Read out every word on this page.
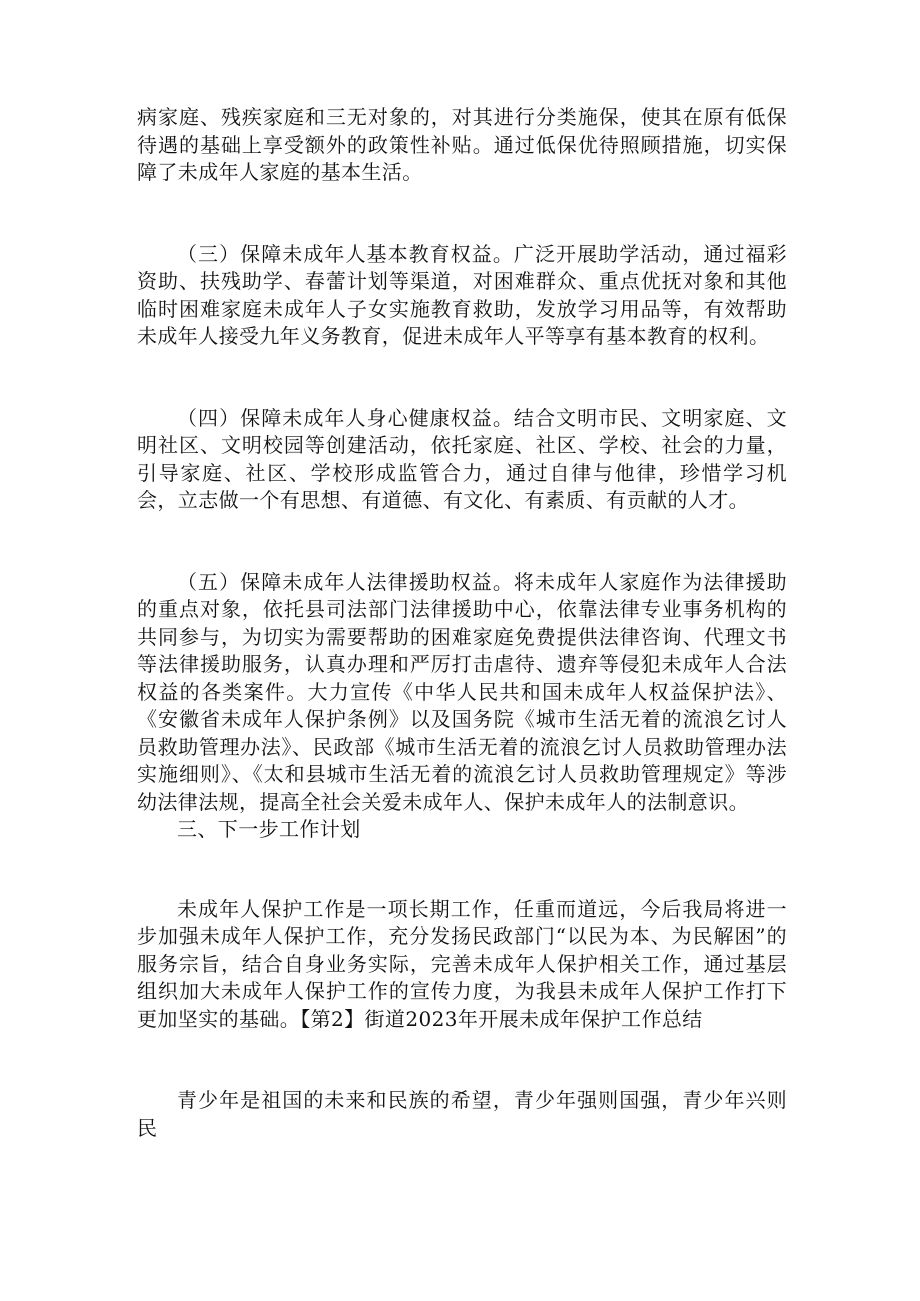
病家庭、残疾家庭和三无对象的，对其进行分类施保，使其在原有低保待遇的基础上享受额外的政策性补贴。通过低保优待照顾措施，切实保障了未成年人家庭的基本生活。

（三）保障未成年人基本教育权益。广泛开展助学活动，通过福彩资助、扶残助学、春蕾计划等渠道，对困难群众、重点优抚对象和其他临时困难家庭未成年人子女实施教育救助，发放学习用品等，有效帮助未成年人接受九年义务教育，促进未成年人平等享有基本教育的权利。

（四）保障未成年人身心健康权益。结合文明市民、文明家庭、文明社区、文明校园等创建活动，依托家庭、社区、学校、社会的力量，引导家庭、社区、学校形成监管合力，通过自律与他律，珍惜学习机会，立志做一个有思想、有道德、有文化、有素质、有贡献的人才。

（五）保障未成年人法律援助权益。将未成年人家庭作为法律援助的重点对象，依托县司法部门法律援助中心，依靠法律专业事务机构的共同参与，为切实为需要帮助的困难家庭免费提供法律咨询、代理文书等法律援助服务，认真办理和严厉打击虐待、遗弃等侵犯未成年人合法权益的各类案件。大力宣传《中华人民共和国未成年人权益保护法》、《安徽省未成年人保护条例》以及国务院《城市生活无着的流浪乞讨人员救助管理办法》、民政部《城市生活无着的流浪乞讨人员救助管理办法实施细则》、《太和县城市生活无着的流浪乞讨人员救助管理规定》等涉幼法律法规，提高全社会关爱未成年人、保护未成年人的法制意识。

三、下一步工作计划

未成年人保护工作是一项长期工作，任重而道远，今后我局将进一步加强未成年人保护工作，充分发扬民政部门“以民为本、为民解困”的服务宗旨，结合自身业务实际，完善未成年人保护相关工作，通过基层组织加大未成年人保护工作的宣传力度，为我县未成年人保护工作打下更加坚实的基础。【第2】街道2023年开展未成年保护工作总结

青少年是祖国的未来和民族的希望，青少年强则国强，青少年兴则民
